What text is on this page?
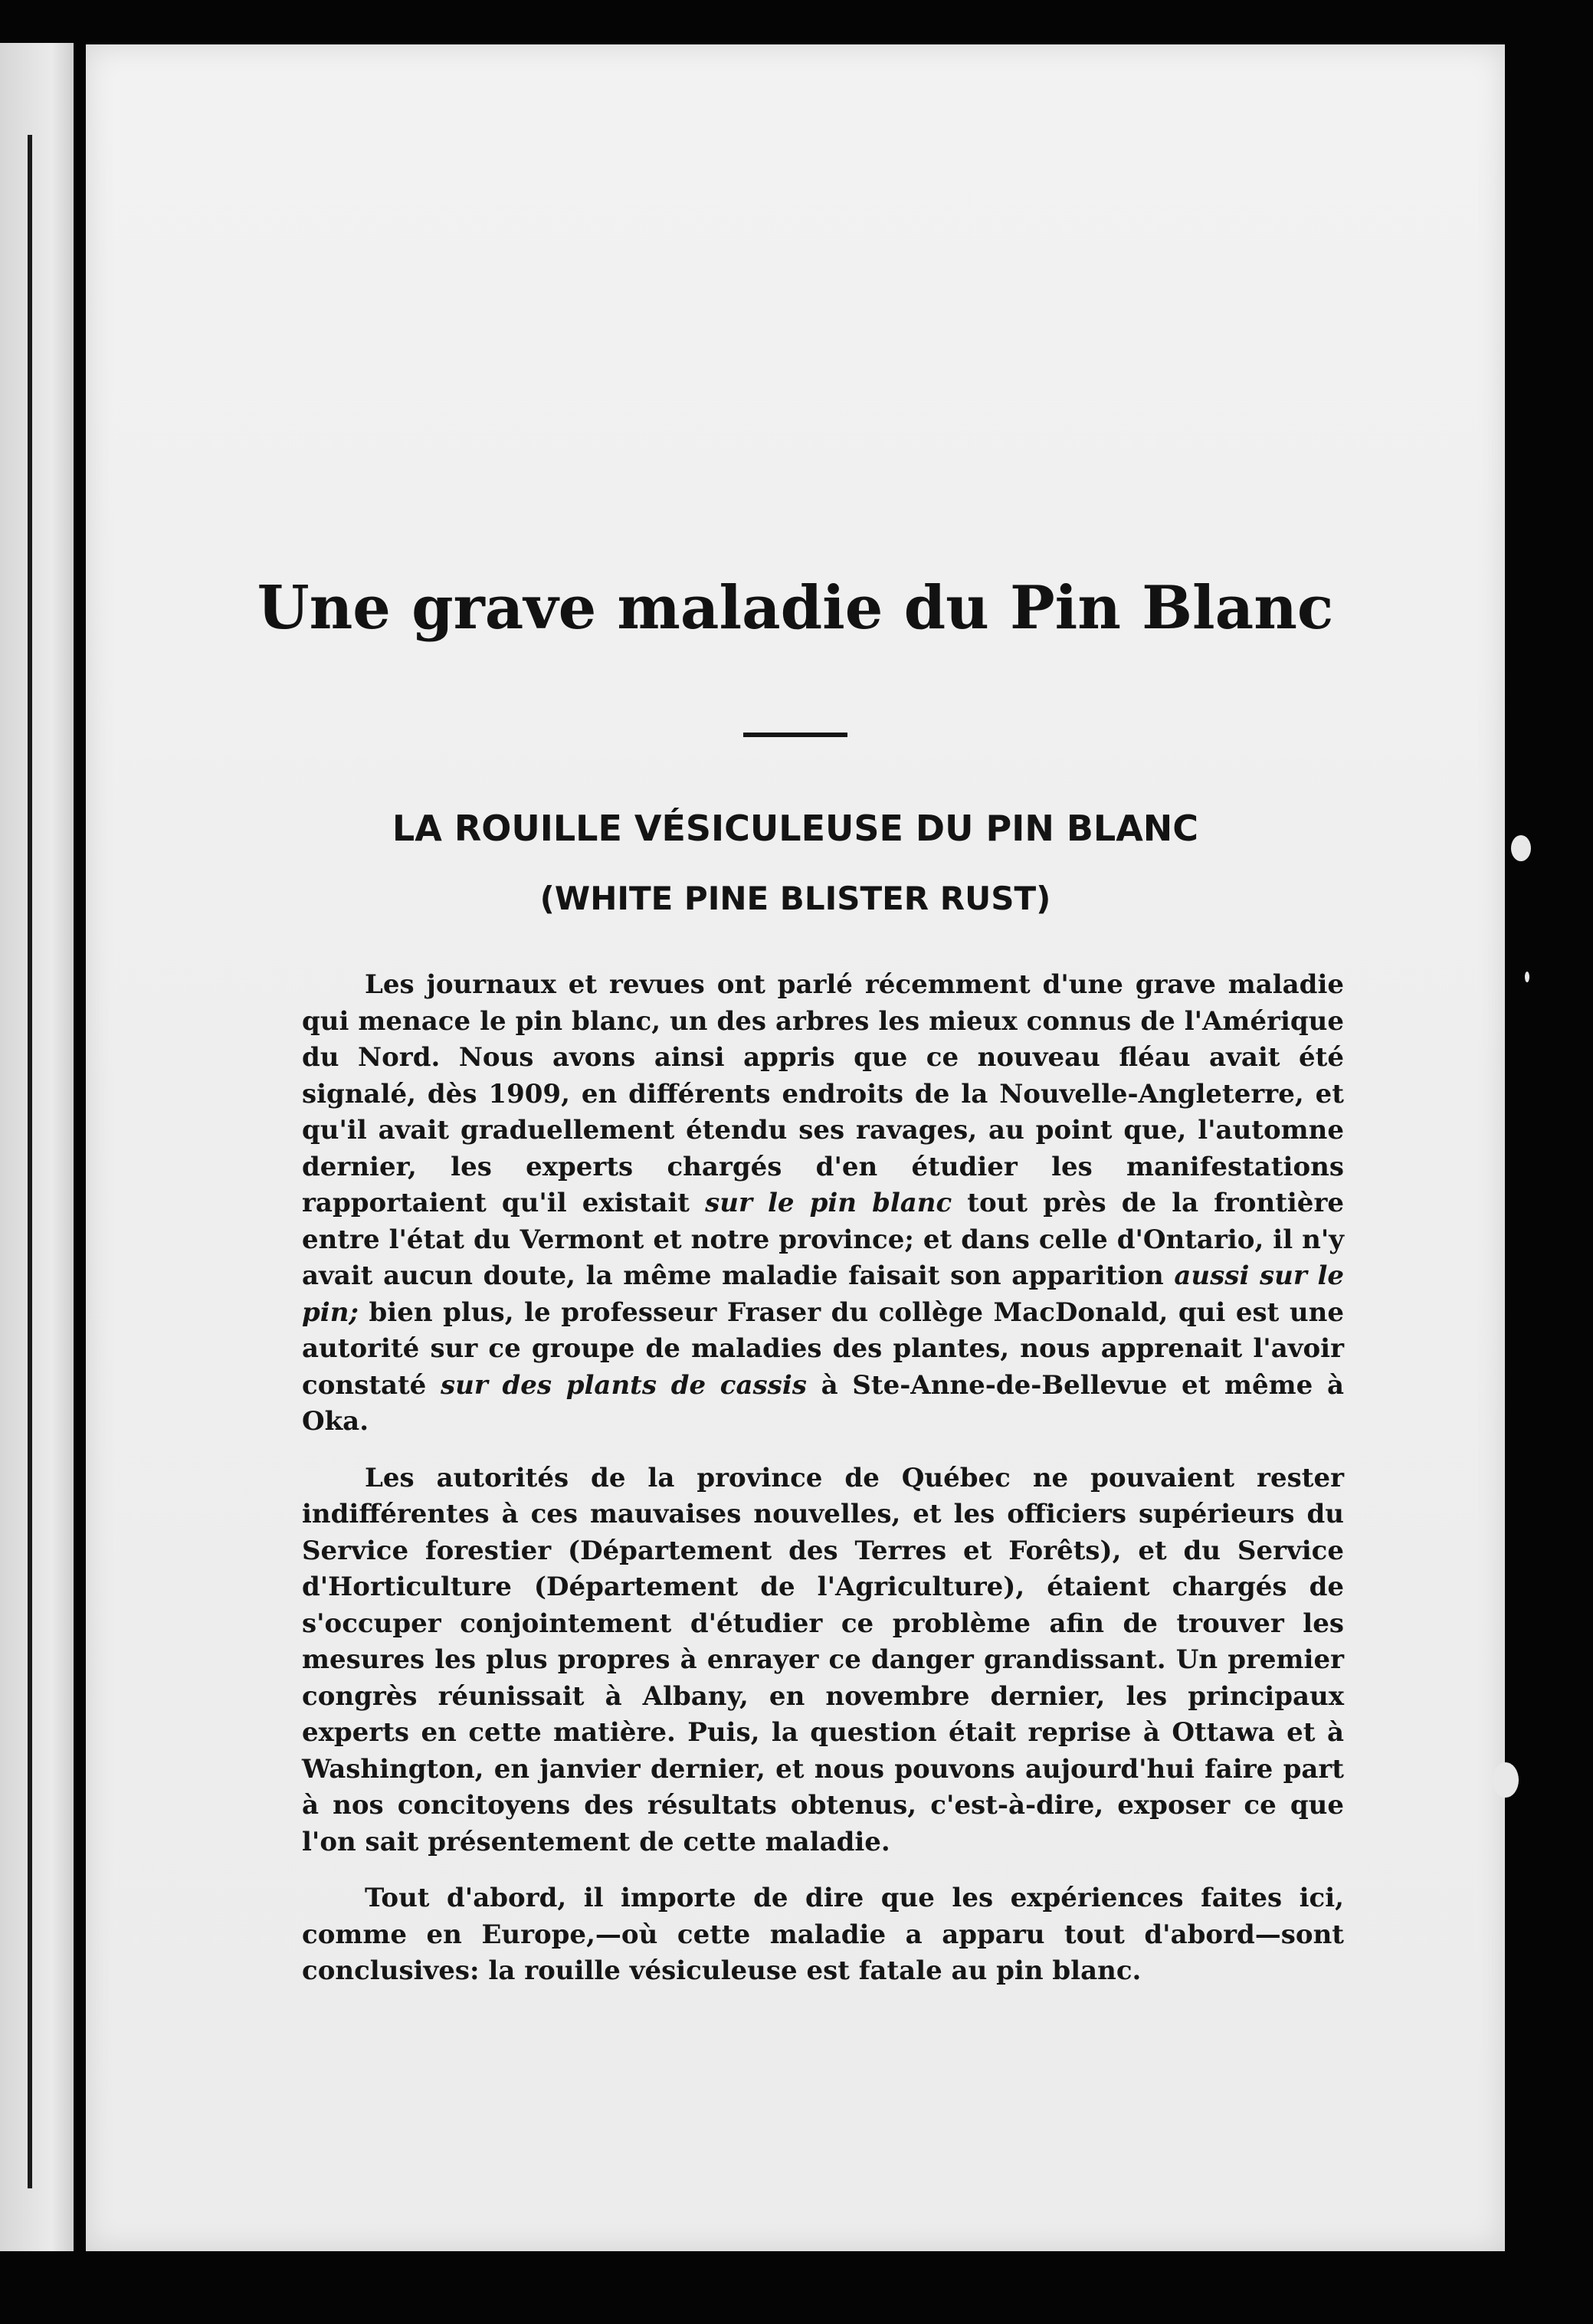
Une grave maladie du Pin Blanc
LA ROUILLE VÉSICULEUSE DU PIN BLANC
(WHITE PINE BLISTER RUST)

Les journaux et revues ont parlé récemment d'une grave maladie qui menace le pin blanc, un des arbres les mieux connus de l'Amérique du Nord. Nous avons ainsi appris que ce nouveau fléau avait été signalé, dès 1909, en différents endroits de la Nouvelle-Angleterre, et qu'il avait graduellement étendu ses ravages, au point que, l'automne dernier, les experts chargés d'en étudier les manifestations rapportaient qu'il existait sur le pin blanc tout près de la frontière entre l'état du Vermont et notre province; et dans celle d'Ontario, il n'y avait aucun doute, la même maladie faisait son apparition aussi sur le pin; bien plus, le professeur Fraser du collège MacDonald, qui est une autorité sur ce groupe de maladies des plantes, nous apprenait l'avoir constaté sur des plants de cassis à Ste-Anne-de-Bellevue et même à Oka.

Les autorités de la province de Québec ne pouvaient rester indifférentes à ces mauvaises nouvelles, et les officiers supérieurs du Service forestier (Département des Terres et Forêts), et du Service d'Horticulture (Département de l'Agriculture), étaient chargés de s'occuper conjointement d'étudier ce problème afin de trouver les mesures les plus propres à enrayer ce danger grandissant. Un premier congrès réunissait à Albany, en novembre dernier, les principaux experts en cette matière. Puis, la question était reprise à Ottawa et à Washington, en janvier dernier, et nous pouvons aujourd'hui faire part à nos concitoyens des résultats obtenus, c'est-à-dire, exposer ce que l'on sait présentement de cette maladie.

Tout d'abord, il importe de dire que les expériences faites ici, comme en Europe,—où cette maladie a apparu tout d'abord—sont conclusives: la rouille vésiculeuse est fatale au pin blanc.
